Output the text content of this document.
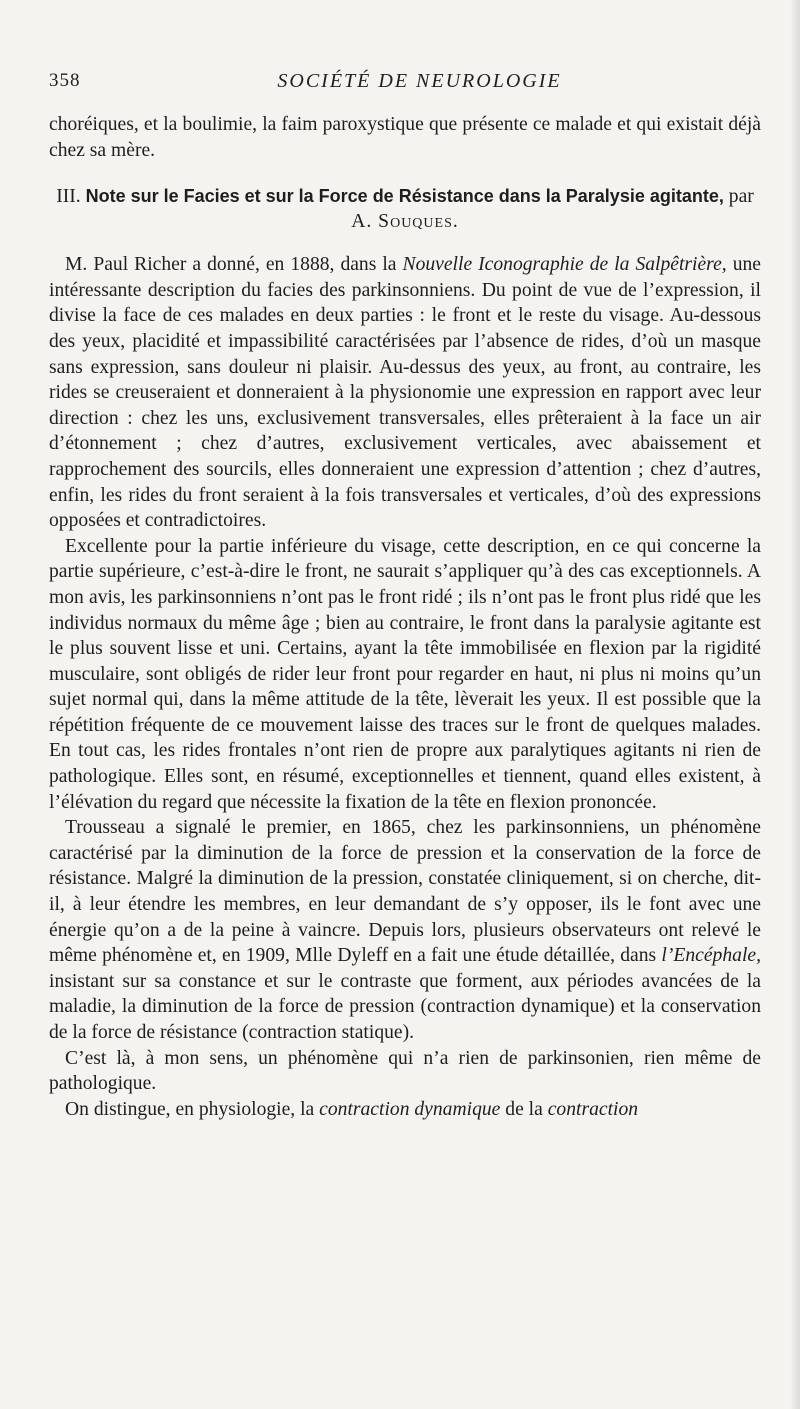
358	SOCIÉTÉ DE NEUROLOGIE

choréiques, et la boulimie, la faim paroxystique que présente ce malade et qui existait déjà chez sa mère.

III. Note sur le Facies et sur la Force de Résistance dans la Paralysie agitante, par A. Souques.

M. Paul Richer a donné, en 1888, dans la Nouvelle Iconographie de la Salpêtrière, une intéressante description du facies des parkinsonniens. Du point de vue de l’expression, il divise la face de ces malades en deux parties : le front et le reste du visage. Au-dessous des yeux, placidité et impassibilité caractérisées par l’absence de rides, d’où un masque sans expression, sans douleur ni plaisir. Au-dessus des yeux, au front, au contraire, les rides se creuseraient et donneraient à la physionomie une expression en rapport avec leur direction : chez les uns, exclusivement transversales, elles prêteraient à la face un air d’étonnement ; chez d’autres, exclusivement verticales, avec abaissement et rapprochement des sourcils, elles donneraient une expression d’attention ; chez d’autres, enfin, les rides du front seraient à la fois transversales et verticales, d’où des expressions opposées et contradictoires.

Excellente pour la partie inférieure du visage, cette description, en ce qui concerne la partie supérieure, c’est-à-dire le front, ne saurait s’appliquer qu’à des cas exceptionnels. A mon avis, les parkinsonniens n’ont pas le front ridé ; ils n’ont pas le front plus ridé que les individus normaux du même âge ; bien au contraire, le front dans la paralysie agitante est le plus souvent lisse et uni. Certains, ayant la tête immobilisée en flexion par la rigidité musculaire, sont obligés de rider leur front pour regarder en haut, ni plus ni moins qu’un sujet normal qui, dans la même attitude de la tête, lèverait les yeux. Il est possible que la répétition fréquente de ce mouvement laisse des traces sur le front de quelques malades. En tout cas, les rides frontales n’ont rien de propre aux paralytiques agitants ni rien de pathologique. Elles sont, en résumé, exceptionnelles et tiennent, quand elles existent, à l’élévation du regard que nécessite la fixation de la tête en flexion prononcée.

Trousseau a signalé le premier, en 1865, chez les parkinsonniens, un phénomène caractérisé par la diminution de la force de pression et la conservation de la force de résistance. Malgré la diminution de la pression, constatée cliniquement, si on cherche, dit-il, à leur étendre les membres, en leur demandant de s’y opposer, ils le font avec une énergie qu’on a de la peine à vaincre. Depuis lors, plusieurs observateurs ont relevé le même phénomène et, en 1909, Mlle Dyleff en a fait une étude détaillée, dans l’Encéphale, insistant sur sa constance et sur le contraste que forment, aux périodes avancées de la maladie, la diminution de la force de pression (contraction dynamique) et la conservation de la force de résistance (contraction statique).

C’est là, à mon sens, un phénomène qui n’a rien de parkinsonien, rien même de pathologique.

On distingue, en physiologie, la contraction dynamique de la contraction
